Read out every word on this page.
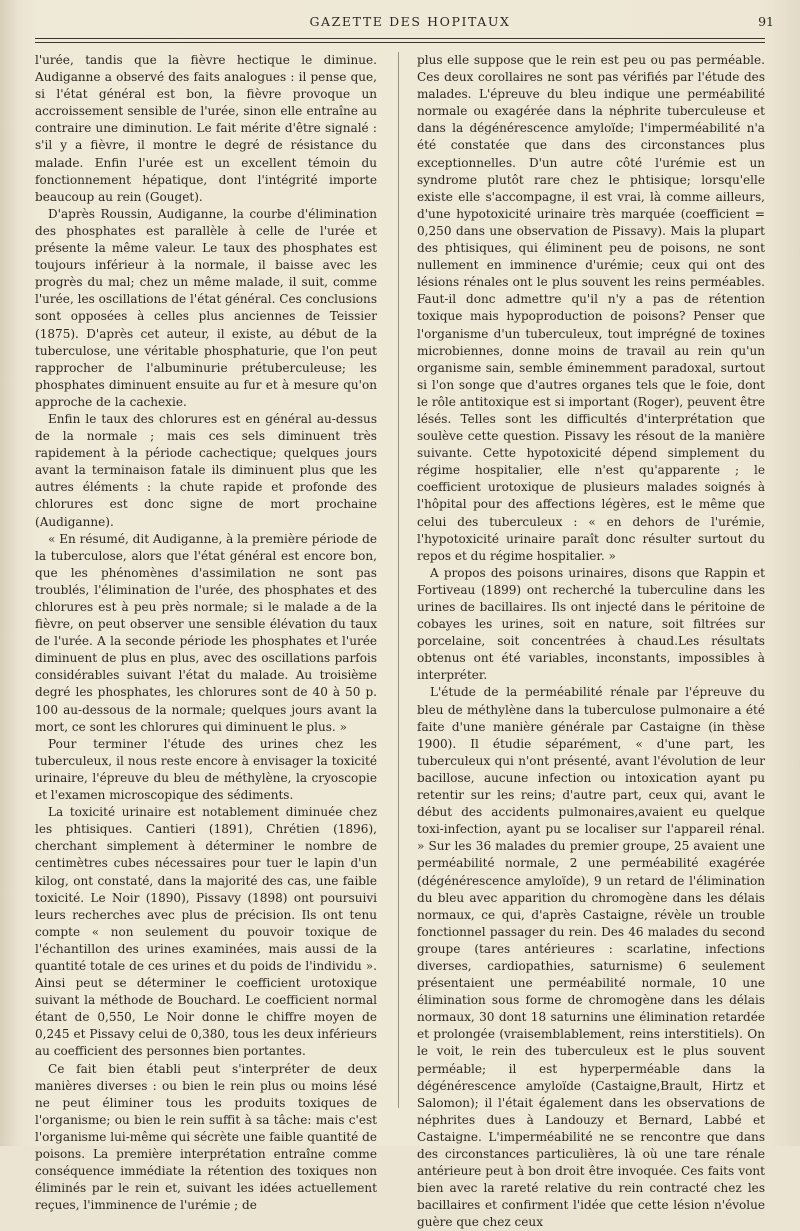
GAZETTE DES HOPITAUX	91

l'urée, tandis que la fièvre hectique le diminue. Audiganne a observé des faits analogues : il pense que, si l'état général est bon, la fièvre provoque un accroissement sensible de l'urée, sinon elle entraîne au contraire une diminution. Le fait mérite d'être signalé : s'il y a fièvre, il montre le degré de résistance du malade. Enfin l'urée est un excellent témoin du fonctionnement hépatique, dont l'intégrité importe beaucoup au rein (Gouget).

D'après Roussin, Audiganne, la courbe d'élimination des phosphates est parallèle à celle de l'urée et présente la même valeur. Le taux des phosphates est toujours inférieur à la normale, il baisse avec les progrès du mal; chez un même malade, il suit, comme l'urée, les oscillations de l'état général. Ces conclusions sont opposées à celles plus anciennes de Teissier (1875). D'après cet auteur, il existe, au début de la tuberculose, une véritable phosphaturie, que l'on peut rapprocher de l'albuminurie prétuberculeuse; les phosphates diminuent ensuite au fur et à mesure qu'on approche de la cachexie.

Enfin le taux des chlorures est en général au-dessus de la normale ; mais ces sels diminuent très rapidement à la période cachectique; quelques jours avant la terminaison fatale ils diminuent plus que les autres éléments : la chute rapide et profonde des chlorures est donc signe de mort prochaine (Audiganne).

« En résumé, dit Audiganne, à la première période de la tuberculose, alors que l'état général est encore bon, que les phénomènes d'assimilation ne sont pas troublés, l'élimination de l'urée, des phosphates et des chlorures est à peu près normale; si le malade a de la fièvre, on peut observer une sensible élévation du taux de l'urée. A la seconde période les phosphates et l'urée diminuent de plus en plus, avec des oscillations parfois considérables suivant l'état du malade. Au troisième degré les phosphates, les chlorures sont de 40 à 50 p. 100 au-dessous de la normale; quelques jours avant la mort, ce sont les chlorures qui diminuent le plus. »

Pour terminer l'étude des urines chez les tuberculeux, il nous reste encore à envisager la toxicité urinaire, l'épreuve du bleu de méthylène, la cryoscopie et l'examen microscopique des sédiments.

La toxicité urinaire est notablement diminuée chez les phtisiques. Cantieri (1891), Chrétien (1896), cherchant simplement à déterminer le nombre de centimètres cubes nécessaires pour tuer le lapin d'un kilog, ont constaté, dans la majorité des cas, une faible toxicité. Le Noir (1890), Pissavy (1898) ont poursuivi leurs recherches avec plus de précision. Ils ont tenu compte « non seulement du pouvoir toxique de l'échantillon des urines examinées, mais aussi de la quantité totale de ces urines et du poids de l'individu ». Ainsi peut se déterminer le coefficient urotoxique suivant la méthode de Bouchard. Le coefficient normal étant de 0,550, Le Noir donne le chiffre moyen de 0,245 et Pissavy celui de 0,380, tous les deux inférieurs au coefficient des personnes bien portantes.

Ce fait bien établi peut s'interpréter de deux manières diverses : ou bien le rein plus ou moins lésé ne peut éliminer tous les produits toxiques de l'organisme; ou bien le rein suffit à sa tâche: mais c'est l'organisme lui-même qui sécrète une faible quantité de poisons. La première interprétation entraîne comme conséquence immédiate la rétention des toxiques non éliminés par le rein et, suivant les idées actuellement reçues, l'imminence de l'urémie ; de

plus elle suppose que le rein est peu ou pas perméable. Ces deux corollaires ne sont pas vérifiés par l'étude des malades. L'épreuve du bleu indique une perméabilité normale ou exagérée dans la néphrite tuberculeuse et dans la dégénérescence amyloïde; l'imperméabilité n'a été constatée que dans des circonstances plus exceptionnelles. D'un autre côté l'urémie est un syndrome plutôt rare chez le phtisique; lorsqu'elle existe elle s'accompagne, il est vrai, là comme ailleurs, d'une hypotoxicité urinaire très marquée (coefficient = 0,250 dans une observation de Pissavy). Mais la plupart des phtisiques, qui éliminent peu de poisons, ne sont nullement en imminence d'urémie; ceux qui ont des lésions rénales ont le plus souvent les reins perméables. Faut-il donc admettre qu'il n'y a pas de rétention toxique mais hypoproduction de poisons? Penser que l'organisme d'un tuberculeux, tout imprégné de toxines microbiennes, donne moins de travail au rein qu'un organisme sain, semble éminemment paradoxal, surtout si l'on songe que d'autres organes tels que le foie, dont le rôle antitoxique est si important (Roger), peuvent être lésés. Telles sont les difficultés d'interprétation que soulève cette question. Pissavy les résout de la manière suivante. Cette hypotoxicité dépend simplement du régime hospitalier, elle n'est qu'apparente ; le coefficient urotoxique de plusieurs malades soignés à l'hôpital pour des affections légères, est le même que celui des tuberculeux : « en dehors de l'urémie, l'hypotoxicité urinaire paraît donc résulter surtout du repos et du régime hospitalier. »

A propos des poisons urinaires, disons que Rappin et Fortiveau (1899) ont recherché la tuberculine dans les urines de bacillaires. Ils ont injecté dans le péritoine de cobayes les urines, soit en nature, soit filtrées sur porcelaine, soit concentrées à chaud.Les résultats obtenus ont été variables, inconstants, impossibles à interpréter.

L'étude de la perméabilité rénale par l'épreuve du bleu de méthylène dans la tuberculose pulmonaire a été faite d'une manière générale par Castaigne (in thèse 1900). Il étudie séparément, « d'une part, les tuberculeux qui n'ont présenté, avant l'évolution de leur bacillose, aucune infection ou intoxication ayant pu retentir sur les reins; d'autre part, ceux qui, avant le début des accidents pulmonaires,avaient eu quelque toxi-infection, ayant pu se localiser sur l'appareil rénal. » Sur les 36 malades du premier groupe, 25 avaient une perméabilité normale, 2 une perméabilité exagérée (dégénérescence amyloïde), 9 un retard de l'élimination du bleu avec apparition du chromogène dans les délais normaux, ce qui, d'après Castaigne, révèle un trouble fonctionnel passager du rein. Des 46 malades du second groupe (tares antérieures : scarlatine, infections diverses, cardiopathies, saturnisme) 6 seulement présentaient une perméabilité normale, 10 une élimination sous forme de chromogène dans les délais normaux, 30 dont 18 saturnins une élimination retardée et prolongée (vraisemblablement, reins interstitiels). On le voit, le rein des tuberculeux est le plus souvent perméable; il est hyperperméable dans la dégénérescence amyloïde (Castaigne,Brault, Hirtz et Salomon); il l'était également dans les observations de néphrites dues à Landouzy et Bernard, Labbé et Castaigne. L'imperméabilité ne se rencontre que dans des circonstances particulières, là où une tare rénale antérieure peut à bon droit être invoquée. Ces faits vont bien avec la rareté relative du rein contracté chez les bacillaires et confirment l'idée que cette lésion n'évolue guère que chez ceux
